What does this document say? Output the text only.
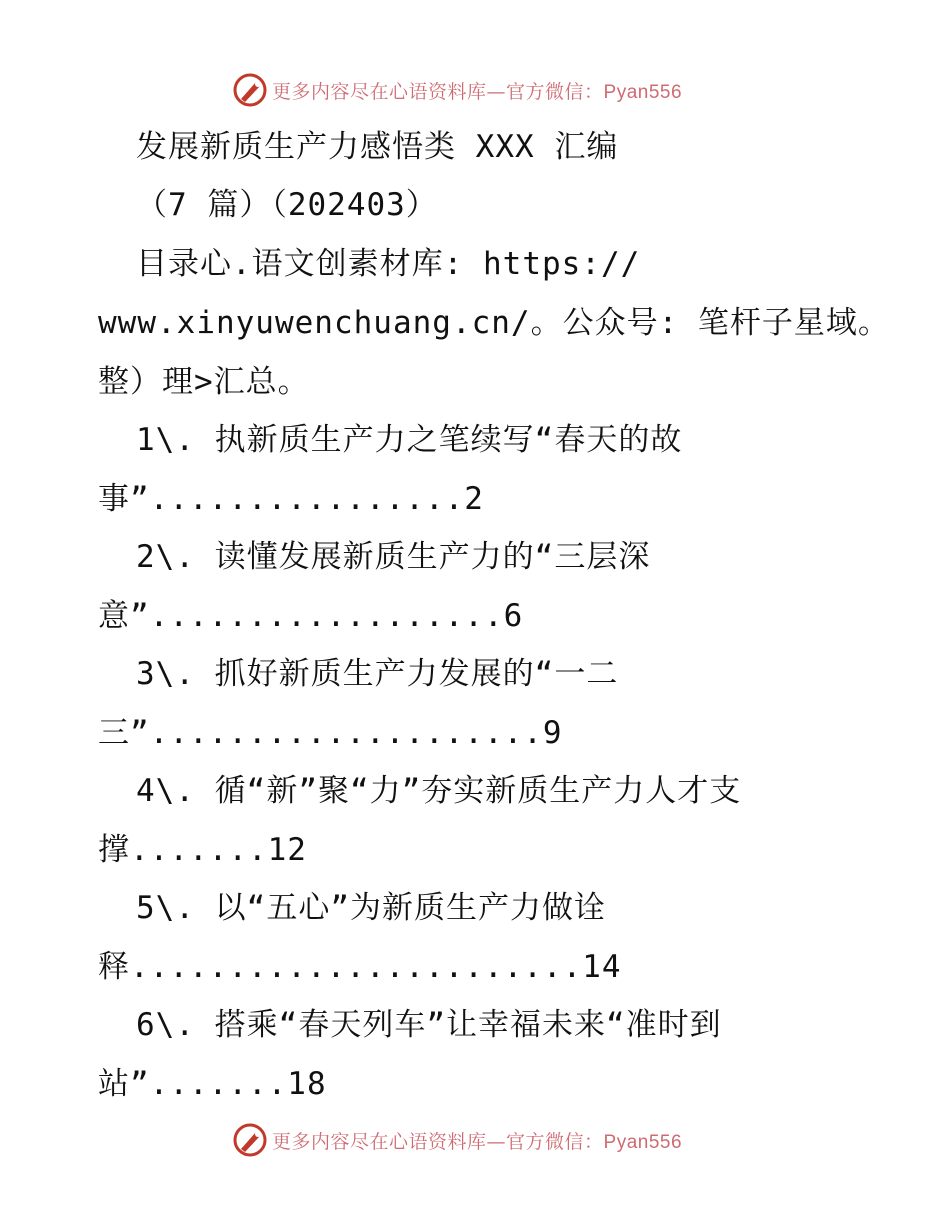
更多内容尽在心语资料库—官方微信：Pyan556
发展新质生产力感悟类 XXX 汇编
（7 篇）（202403）
目录心.语文创素材库: https://
www.xinyuwenchuang.cn/。公众号: 笔杆子星域。
整）理>汇总。
1\. 执新质生产力之笔续写“春天的故
事”................2
2\. 读懂发展新质生产力的“三层深
意”..................6
3\. 抓好新质生产力发展的“一二
三”....................9
4\. 循“新”聚“力”夯实新质生产力人才支
撑.......12
5\. 以“五心”为新质生产力做诠
释.......................14
6\. 搭乘“春天列车”让幸福未来“准时到
站”.......18
更多内容尽在心语资料库—官方微信：Pyan556
